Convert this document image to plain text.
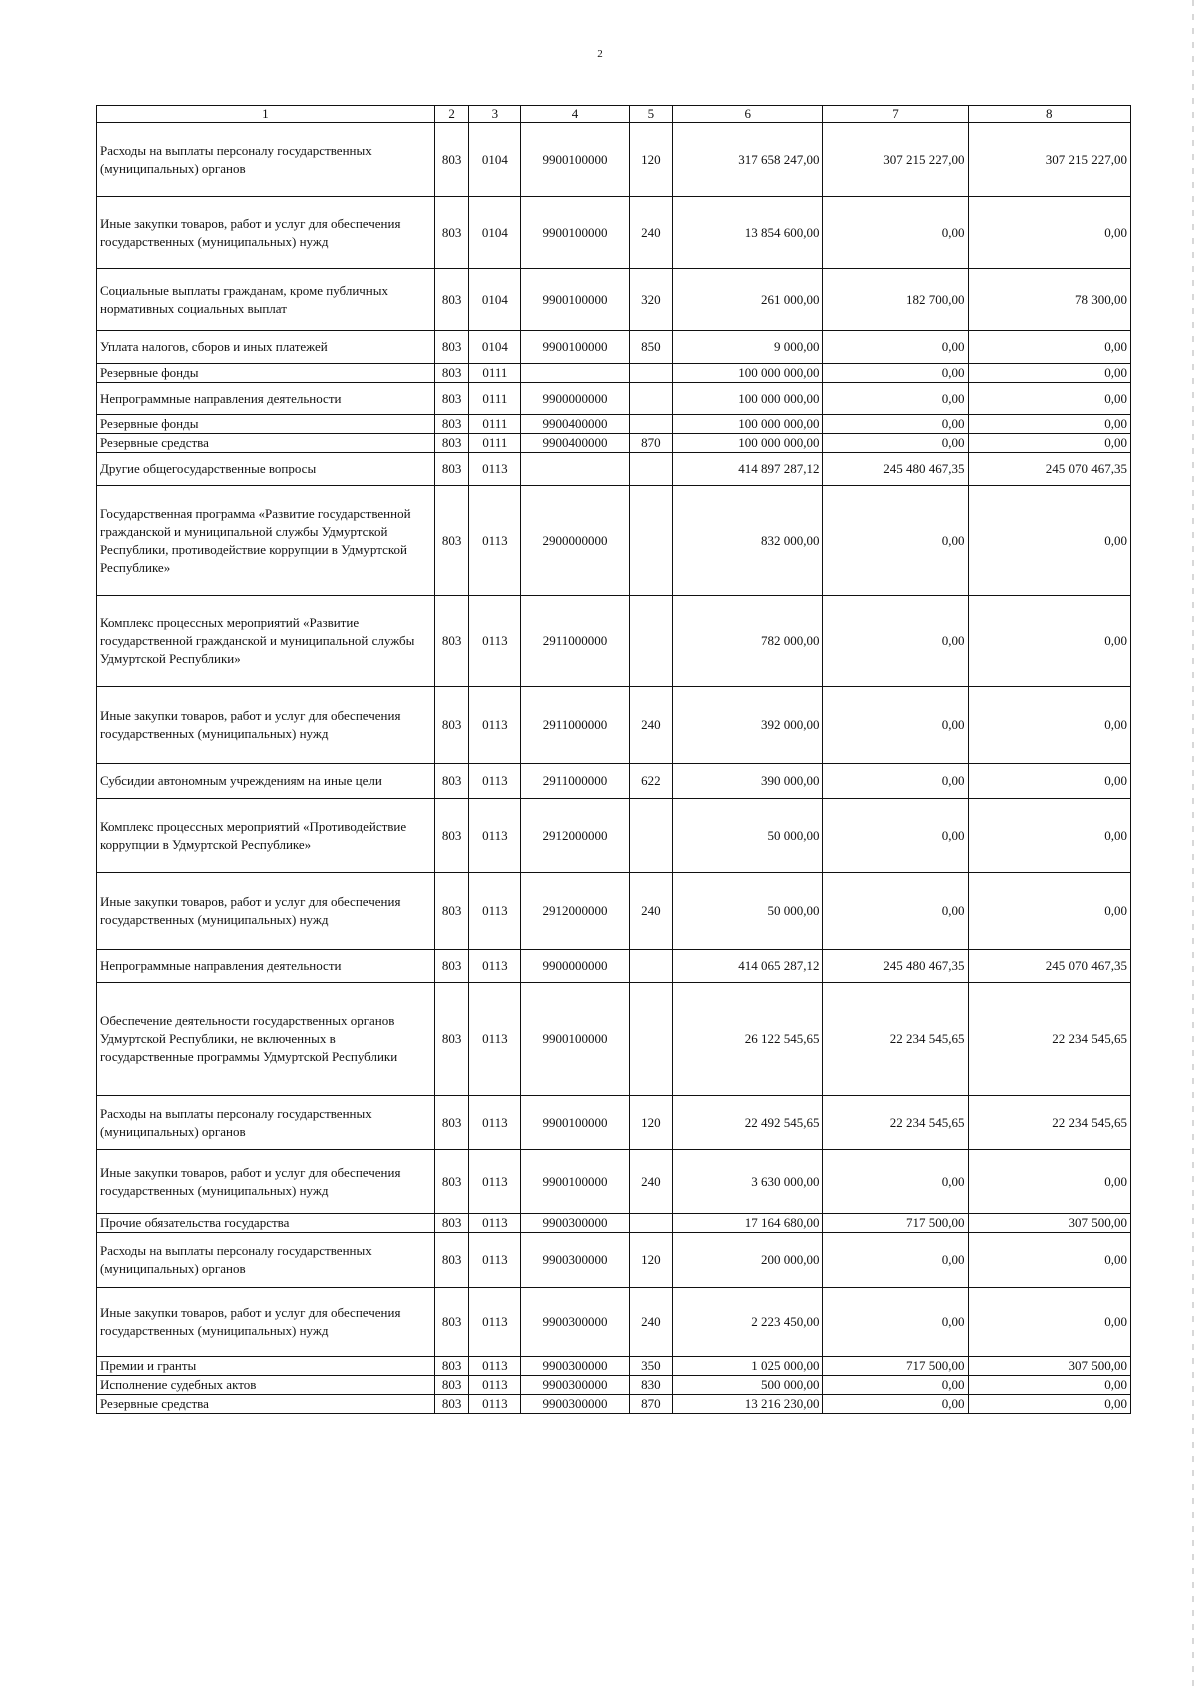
2
1	2	3	4	5	6	7	8
Расходы на выплаты персоналу государственных (муниципальных) органов	803	0104	9900100000	120	317 658 247,00	307 215 227,00	307 215 227,00
Иные закупки товаров, работ и услуг для обеспечения государственных (муниципальных) нужд	803	0104	9900100000	240	13 854 600,00	0,00	0,00
Социальные выплаты гражданам, кроме публичных нормативных социальных выплат	803	0104	9900100000	320	261 000,00	182 700,00	78 300,00
Уплата налогов, сборов и иных платежей	803	0104	9900100000	850	9 000,00	0,00	0,00
Резервные фонды	803	0111			100 000 000,00	0,00	0,00
Непрограммные направления деятельности	803	0111	9900000000		100 000 000,00	0,00	0,00
Резервные фонды	803	0111	9900400000		100 000 000,00	0,00	0,00
Резервные средства	803	0111	9900400000	870	100 000 000,00	0,00	0,00
Другие общегосударственные вопросы	803	0113			414 897 287,12	245 480 467,35	245 070 467,35
Государственная программа «Развитие государственной гражданской и муниципальной службы Удмуртской Республики, противодействие коррупции в Удмуртской Республике»	803	0113	2900000000		832 000,00	0,00	0,00
Комплекс процессных мероприятий «Развитие государственной гражданской и муниципальной службы Удмуртской Республики»	803	0113	2911000000		782 000,00	0,00	0,00
Иные закупки товаров, работ и услуг для обеспечения государственных (муниципальных) нужд	803	0113	2911000000	240	392 000,00	0,00	0,00
Субсидии автономным учреждениям на иные цели	803	0113	2911000000	622	390 000,00	0,00	0,00
Комплекс процессных мероприятий «Противодействие коррупции в Удмуртской Республике»	803	0113	2912000000		50 000,00	0,00	0,00
Иные закупки товаров, работ и услуг для обеспечения государственных (муниципальных) нужд	803	0113	2912000000	240	50 000,00	0,00	0,00
Непрограммные направления деятельности	803	0113	9900000000		414 065 287,12	245 480 467,35	245 070 467,35
Обеспечение деятельности государственных органов Удмуртской Республики, не включенных в государственные программы Удмуртской Республики	803	0113	9900100000		26 122 545,65	22 234 545,65	22 234 545,65
Расходы на выплаты персоналу государственных (муниципальных) органов	803	0113	9900100000	120	22 492 545,65	22 234 545,65	22 234 545,65
Иные закупки товаров, работ и услуг для обеспечения государственных (муниципальных) нужд	803	0113	9900100000	240	3 630 000,00	0,00	0,00
Прочие обязательства государства	803	0113	9900300000		17 164 680,00	717 500,00	307 500,00
Расходы на выплаты персоналу государственных (муниципальных) органов	803	0113	9900300000	120	200 000,00	0,00	0,00
Иные закупки товаров, работ и услуг для обеспечения государственных (муниципальных) нужд	803	0113	9900300000	240	2 223 450,00	0,00	0,00
Премии и гранты	803	0113	9900300000	350	1 025 000,00	717 500,00	307 500,00
Исполнение судебных актов	803	0113	9900300000	830	500 000,00	0,00	0,00
Резервные средства	803	0113	9900300000	870	13 216 230,00	0,00	0,00
